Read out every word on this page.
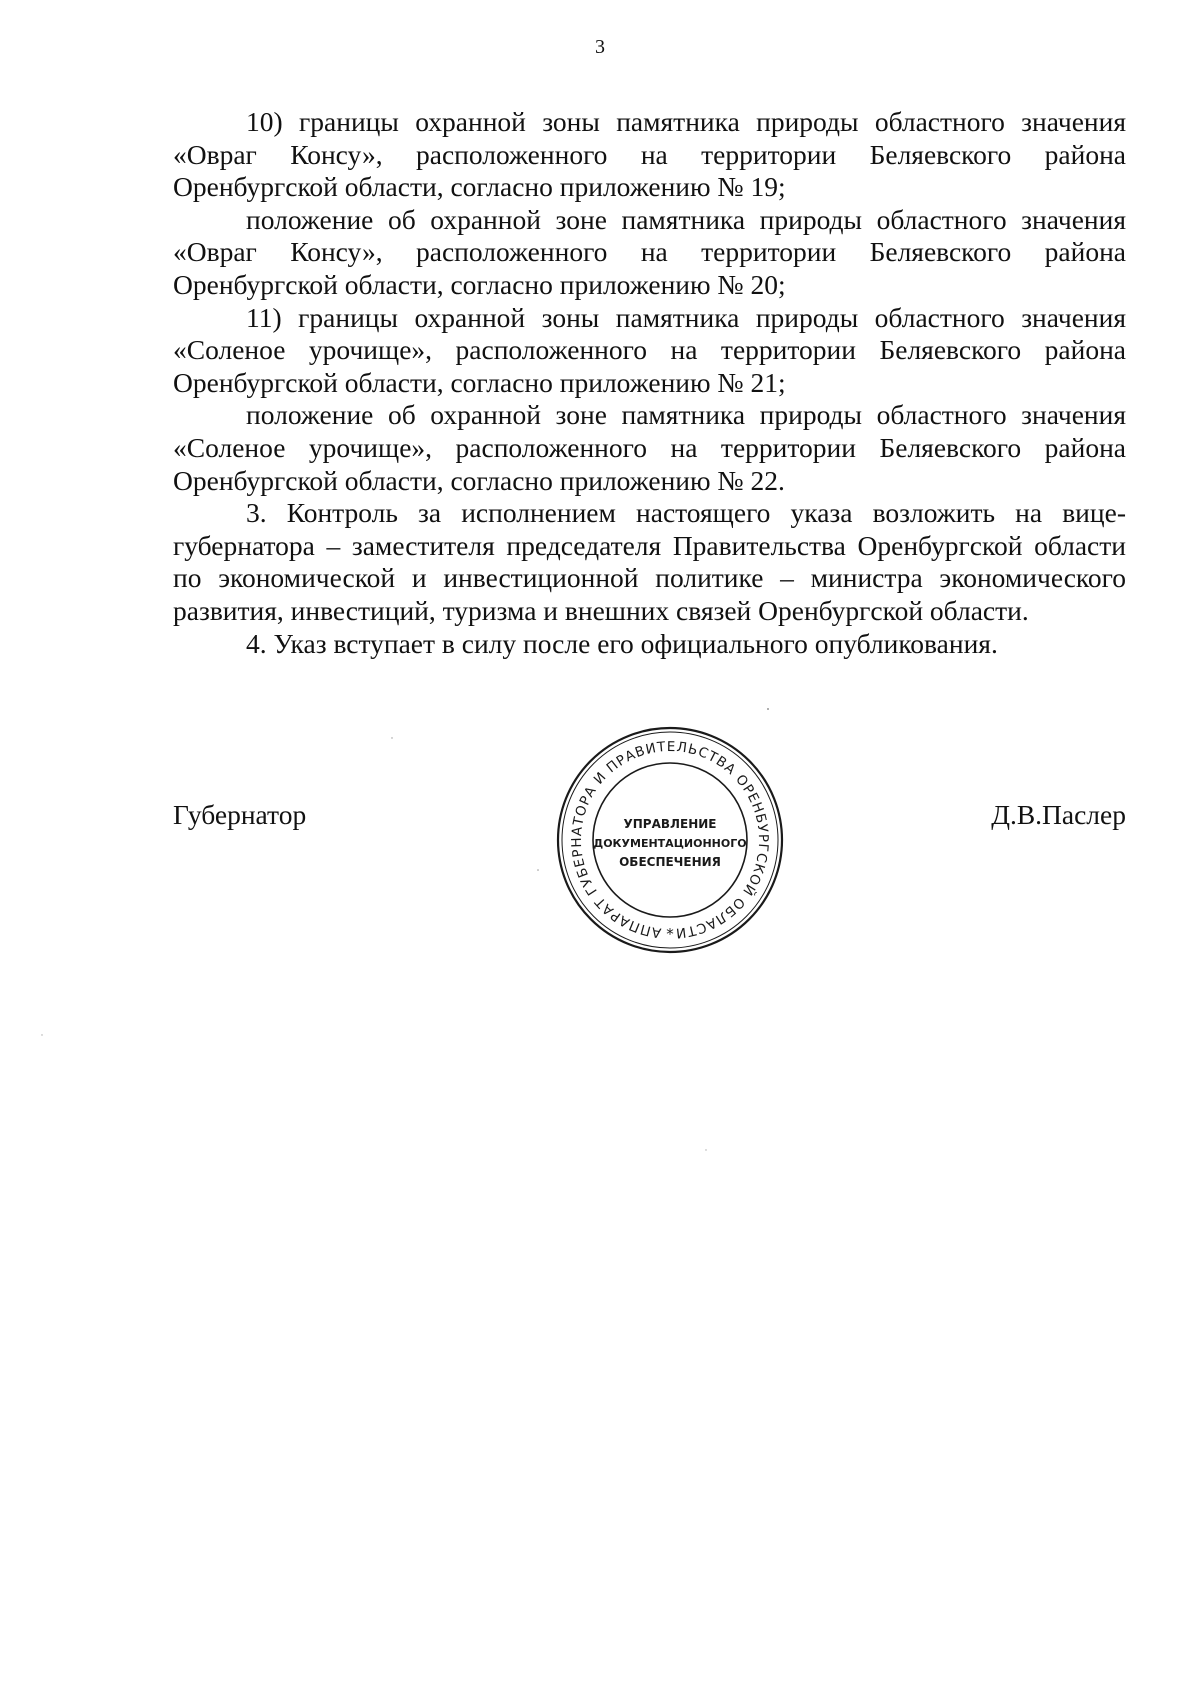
3

10) границы охранной зоны памятника природы областного значения «Овраг Консу», расположенного на территории Беляевского района Оренбургской области, согласно приложению № 19;

положение об охранной зоне памятника природы областного значения «Овраг Консу», расположенного на территории Беляевского района Оренбургской области, согласно приложению № 20;

11) границы охранной зоны памятника природы областного значения «Соленое урочище», расположенного на территории Беляевского района Оренбургской области, согласно приложению № 21;

положение об охранной зоне памятника природы областного значения «Соленое урочище», расположенного на территории Беляевского района Оренбургской области, согласно приложению № 22.

3. Контроль за исполнением настоящего указа возложить на вицегубернатора – заместителя председателя Правительства Оренбургской области по экономической и инвестиционной политике – министра экономического развития, инвестиций, туризма и внешних связей Оренбургской области.

4. Указ вступает в силу после его официального опубликования.

Губернатор	Д.В.Паслер
АППАРАТ ГУБЕРНАТОРА И ПРАВИТЕЛЬСТВА ОРЕНБУРГСКОЙ ОБЛАСТИ
*
УПРАВЛЕНИЕ
ДОКУМЕНТАЦИОННОГО
ОБЕСПЕЧЕНИЯ
